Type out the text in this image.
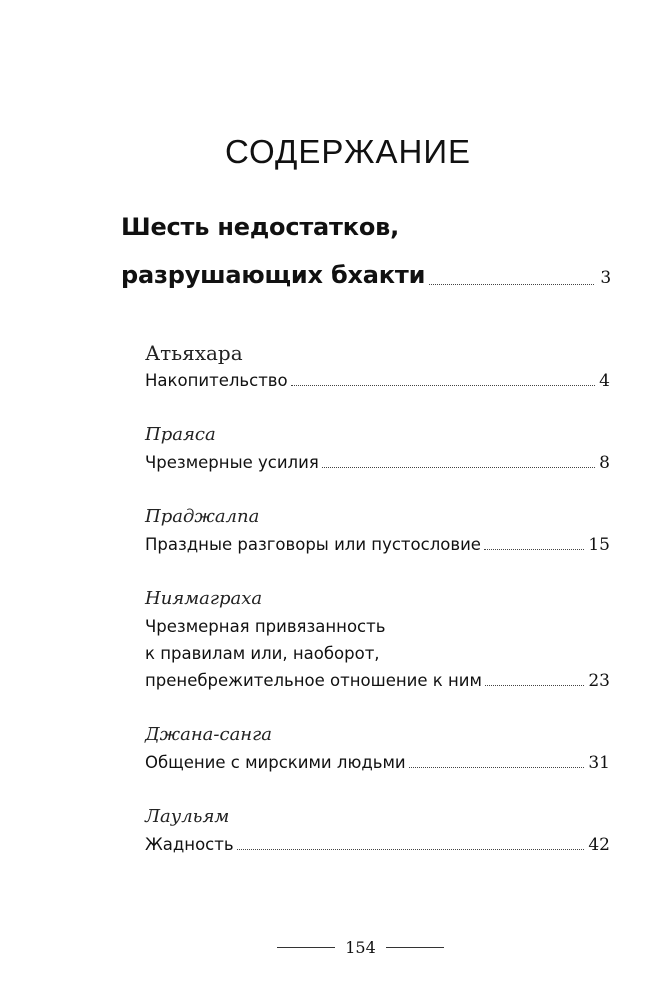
СОДЕРЖАНИЕ
Шесть недостатков,
разрушающих бхакти	3
Атьяхара
Накопительство	4
Праяса
Чрезмерные усилия	8
Праджалпа
Праздные разговоры или пустословие	15
Ниямаграха
Чрезмерная привязанность
к правилам или, наоборот,
пренебрежительное отношение к ним	23
Джана-санга
Общение с мирскими людьми	31
Лаульям
Жадность	42
154
